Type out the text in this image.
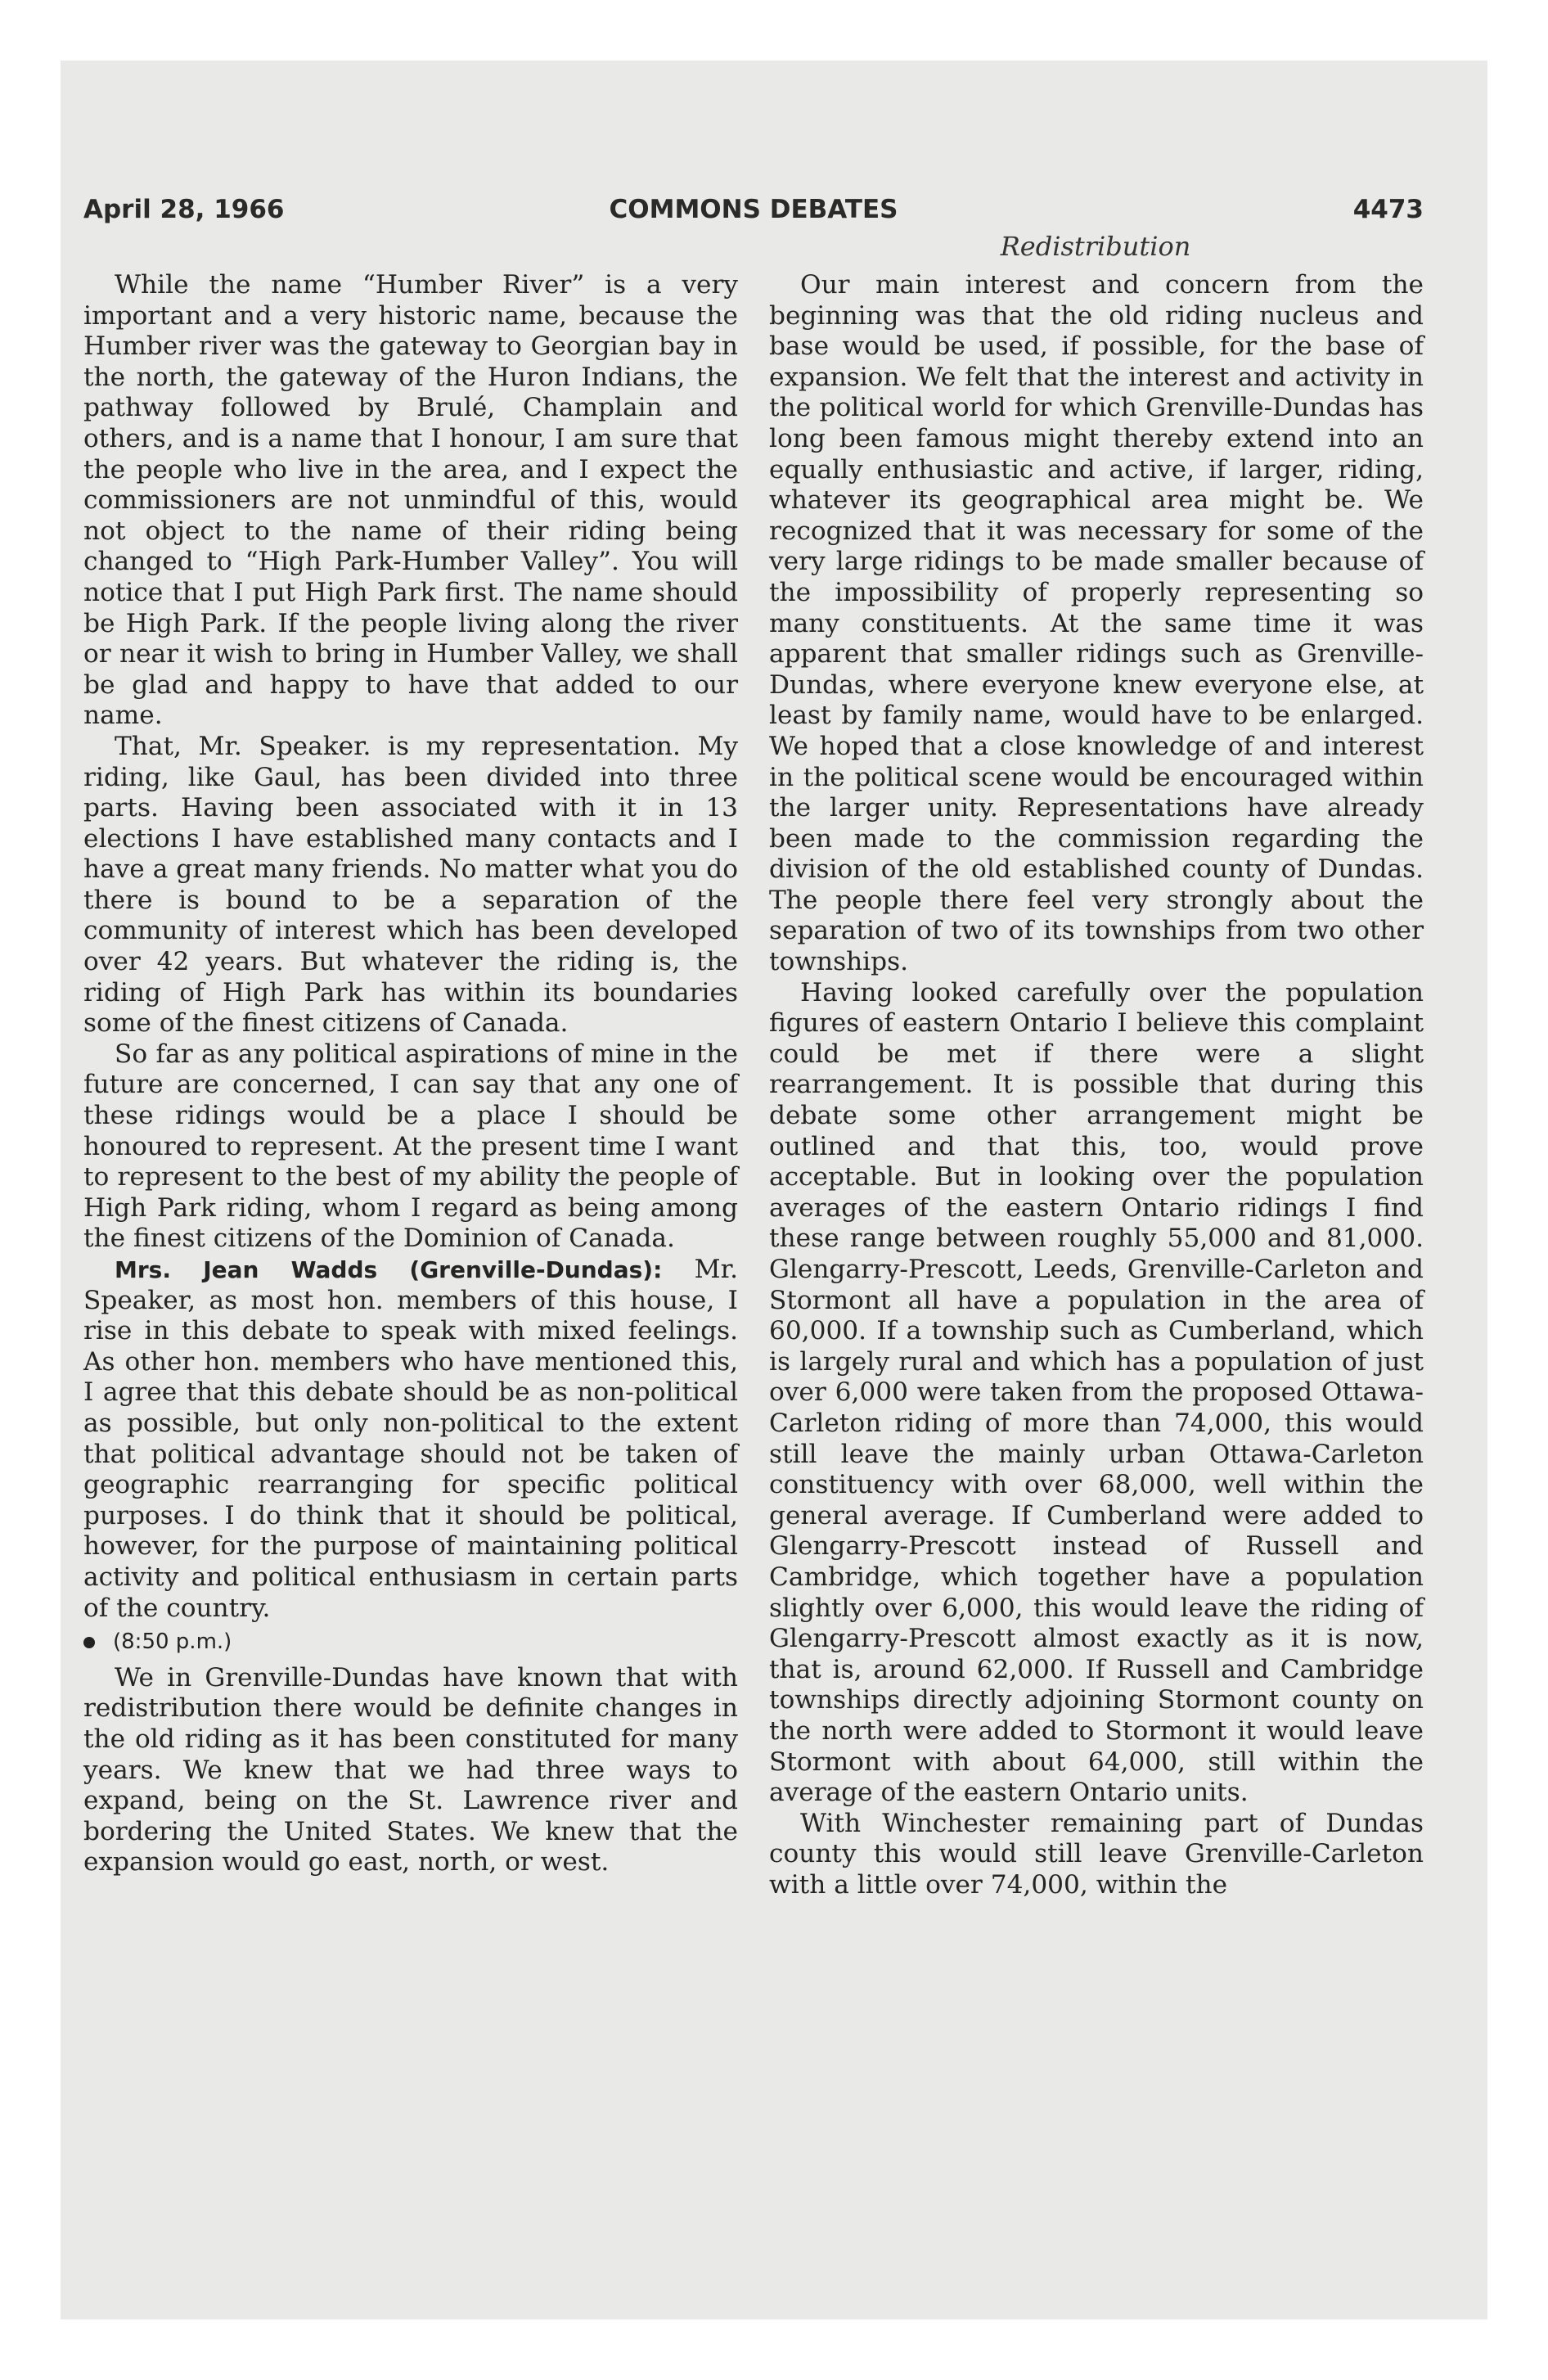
April 28, 1966	COMMONS DEBATES	4473
Redistribution

While the name “Humber River” is a very important and a very historic name, because the Humber river was the gateway to Georgian bay in the north, the gateway of the Huron Indians, the pathway followed by Brulé, Champlain and others, and is a name that I honour, I am sure that the people who live in the area, and I expect the commissioners are not unmindful of this, would not object to the name of their riding being changed to “High Park-Humber Valley”. You will notice that I put High Park first. The name should be High Park. If the people living along the river or near it wish to bring in Humber Valley, we shall be glad and happy to have that added to our name.

That, Mr. Speaker. is my representation. My riding, like Gaul, has been divided into three parts. Having been associated with it in 13 elections I have established many contacts and I have a great many friends. No matter what you do there is bound to be a separation of the community of interest which has been developed over 42 years. But whatever the riding is, the riding of High Park has within its boundaries some of the finest citizens of Canada.

So far as any political aspirations of mine in the future are concerned, I can say that any one of these ridings would be a place I should be honoured to represent. At the present time I want to represent to the best of my ability the people of High Park riding, whom I regard as being among the finest citizens of the Dominion of Canada.

Mrs. Jean Wadds (Grenville-Dundas): Mr. Speaker, as most hon. members of this house, I rise in this debate to speak with mixed feelings. As other hon. members who have mentioned this, I agree that this debate should be as non-political as possible, but only non-political to the extent that political advantage should not be taken of geographic rearranging for specific political purposes. I do think that it should be political, however, for the purpose of maintaining political activity and political enthusiasm in certain parts of the country.

(8:50 p.m.)

We in Grenville-Dundas have known that with redistribution there would be definite changes in the old riding as it has been constituted for many years. We knew that we had three ways to expand, being on the St. Lawrence river and bordering the United States. We knew that the expansion would go east, north, or west.

Our main interest and concern from the beginning was that the old riding nucleus and base would be used, if possible, for the base of expansion. We felt that the interest and activity in the political world for which Grenville-Dundas has long been famous might thereby extend into an equally enthusiastic and active, if larger, riding, whatever its geographical area might be. We recognized that it was necessary for some of the very large ridings to be made smaller because of the impossibility of properly representing so many constituents. At the same time it was apparent that smaller ridings such as Grenville-Dundas, where everyone knew everyone else, at least by family name, would have to be enlarged. We hoped that a close knowledge of and interest in the political scene would be encouraged within the larger unity. Representations have already been made to the commission regarding the division of the old established county of Dundas. The people there feel very strongly about the separation of two of its townships from two other townships.

Having looked carefully over the population figures of eastern Ontario I believe this complaint could be met if there were a slight rearrangement. It is possible that during this debate some other arrangement might be outlined and that this, too, would prove acceptable. But in looking over the population averages of the eastern Ontario ridings I find these range between roughly 55,000 and 81,000. Glengarry-Prescott, Leeds, Grenville-Carleton and Stormont all have a population in the area of 60,000. If a township such as Cumberland, which is largely rural and which has a population of just over 6,000 were taken from the proposed Ottawa-Carleton riding of more than 74,000, this would still leave the mainly urban Ottawa-Carleton constituency with over 68,000, well within the general average. If Cumberland were added to Glengarry-Prescott instead of Russell and Cambridge, which together have a population slightly over 6,000, this would leave the riding of Glengarry-Prescott almost exactly as it is now, that is, around 62,000. If Russell and Cambridge townships directly adjoining Stormont county on the north were added to Stormont it would leave Stormont with about 64,000, still within the average of the eastern Ontario units.

With Winchester remaining part of Dundas county this would still leave Grenville-Carleton with a little over 74,000, within the
